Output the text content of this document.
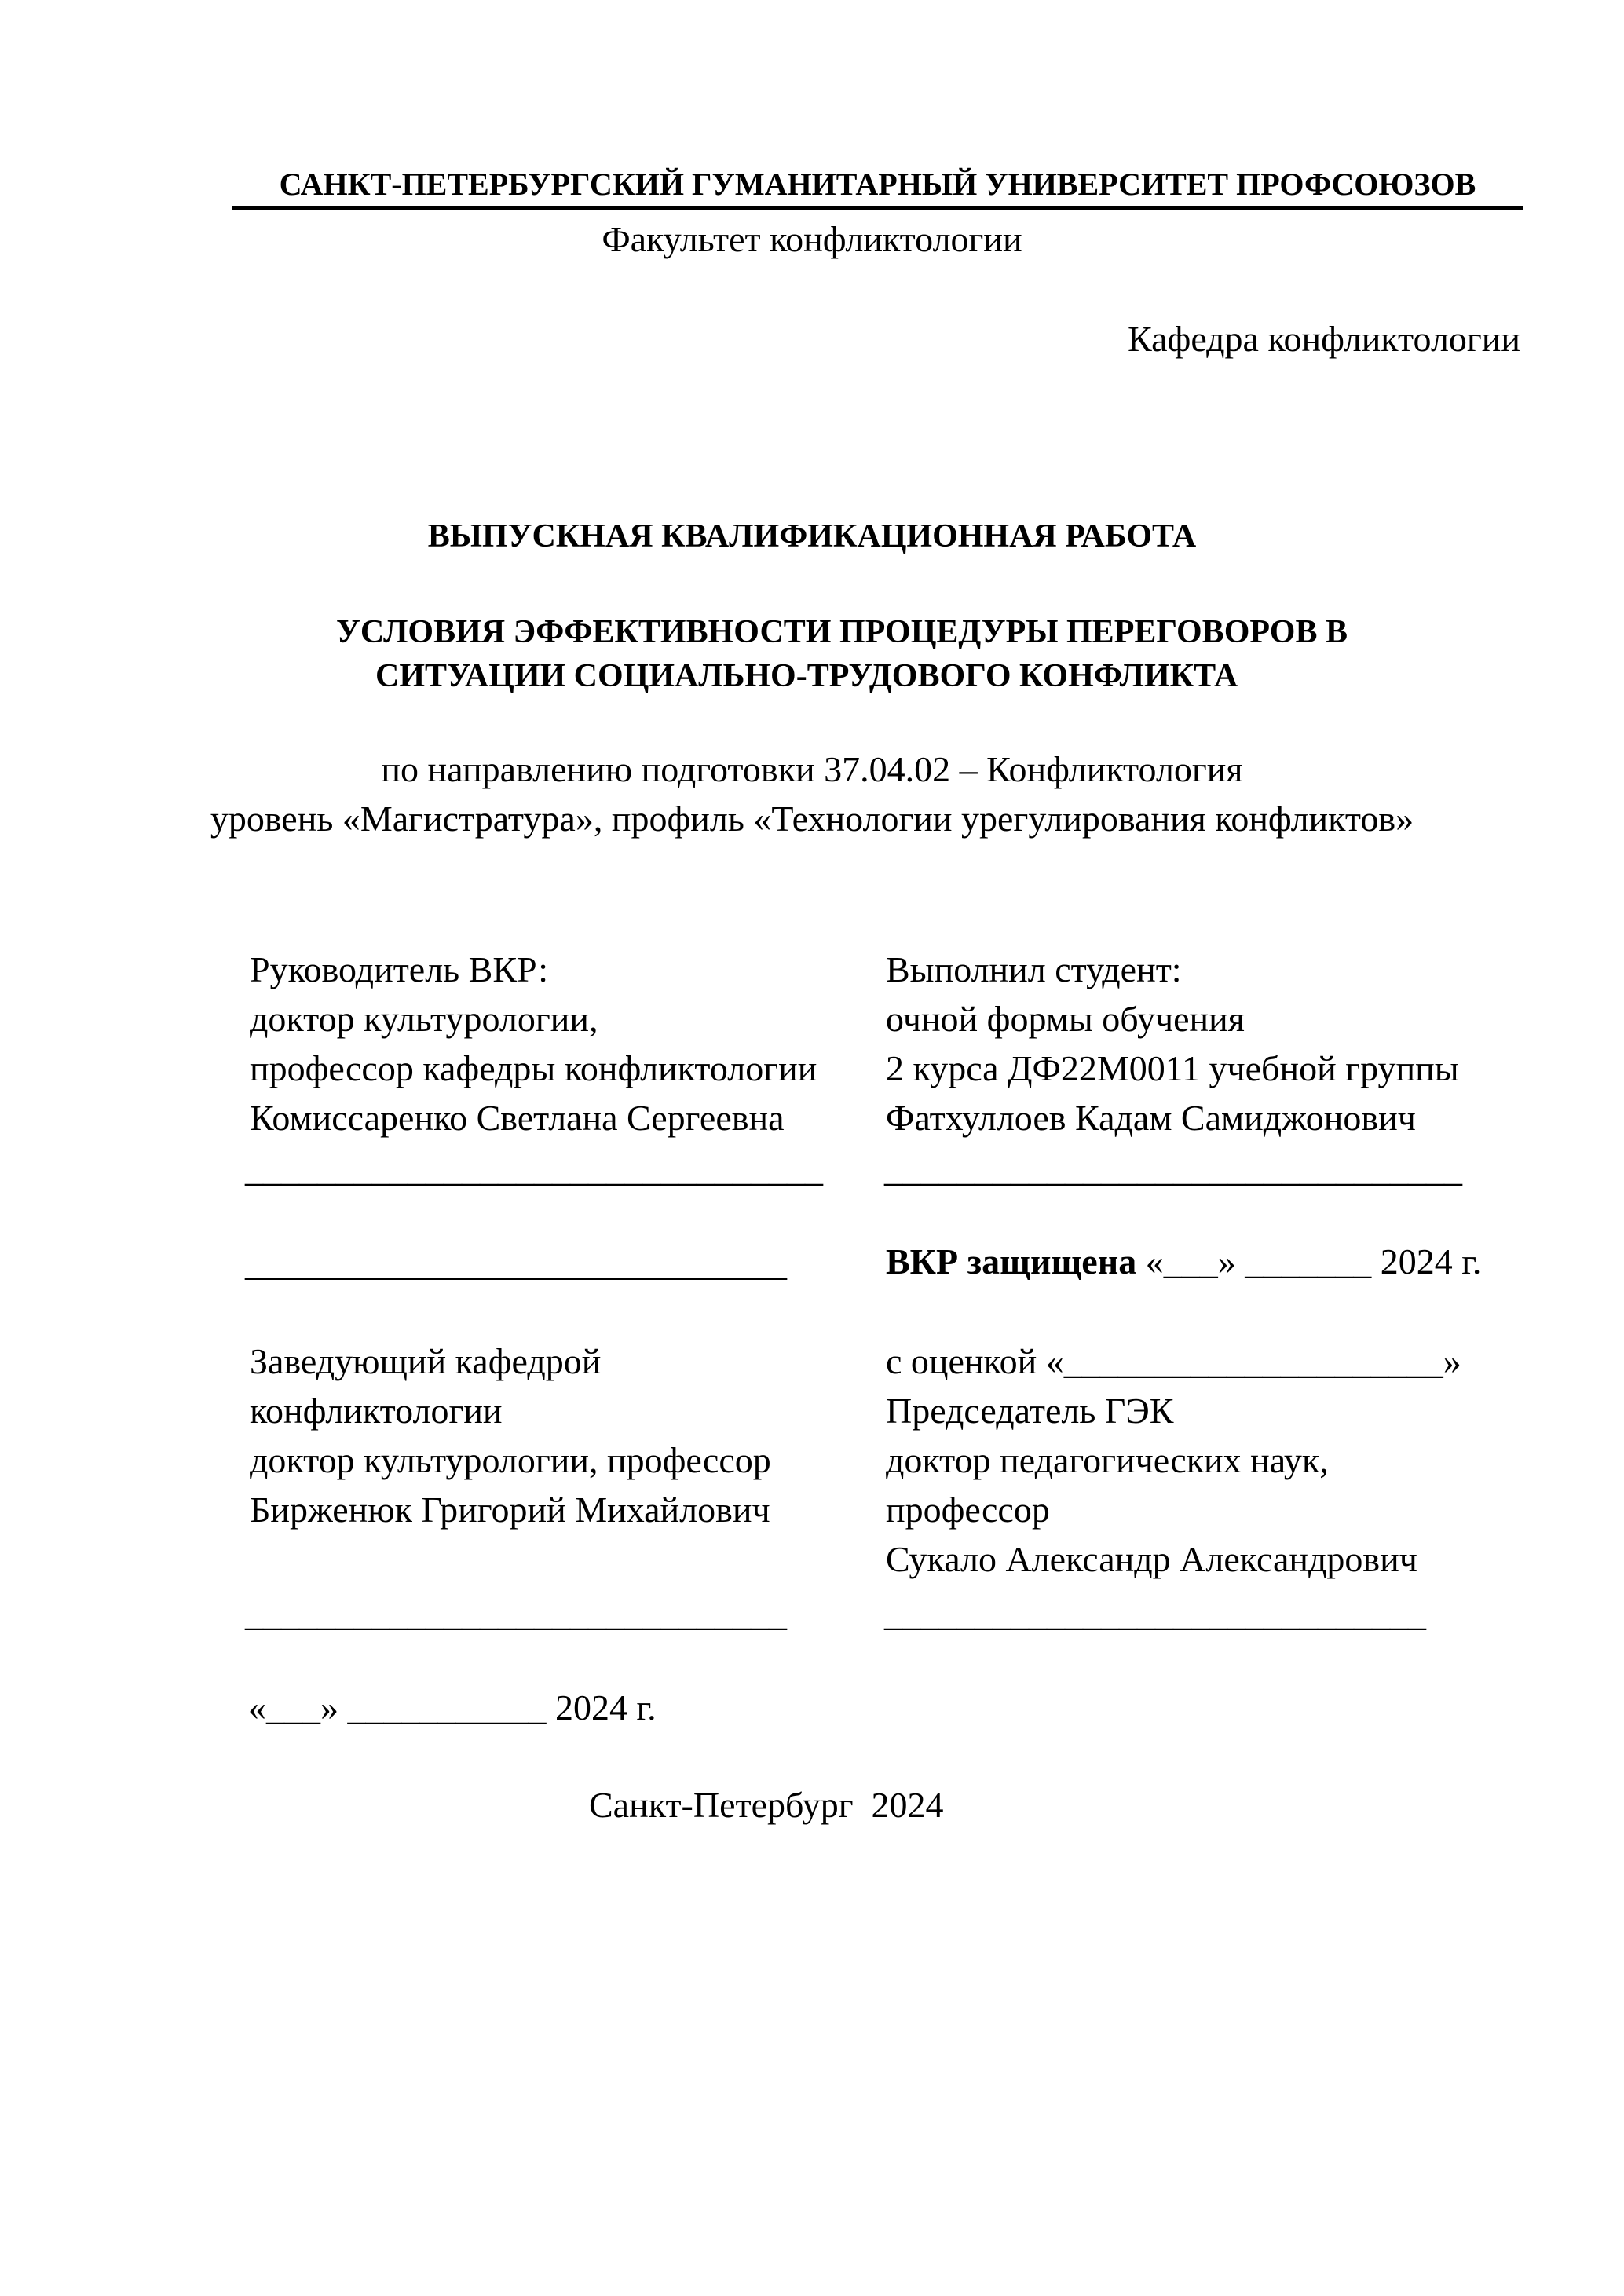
САНКТ-ПЕТЕРБУРГСКИЙ ГУМАНИТАРНЫЙ УНИВЕРСИТЕТ ПРОФСОЮЗОВ
Факультет конфликтологии
Кафедра конфликтологии
ВЫПУСКНАЯ КВАЛИФИКАЦИОННАЯ РАБОТА
УСЛОВИЯ ЭФФЕКТИВНОСТИ ПРОЦЕДУРЫ ПЕРЕГОВОРОВ В
СИТУАЦИИ СОЦИАЛЬНО-ТРУДОВОГО КОНФЛИКТА
по направлению подготовки 37.04.02 – Конфликтология
уровень «Магистратура», профиль «Технологии урегулирования конфликтов»
Руководитель ВКР:
доктор культурологии,
профессор кафедры конфликтологии
Комиссаренко Светлана Сергеевна
________________________________
Выполнил студент:
очной формы обучения
2 курса ДФ22М0011 учебной группы
Фатхуллоев Кадам Самиджонович
________________________________
______________________________	ВКР защищена «___» _______ 2024 г.
Заведующий кафедрой
конфликтологии
доктор культурологии, профессор
Бирженюк Григорий Михайлович
______________________________
с оценкой «_____________________»
Председатель ГЭК
доктор педагогических наук,
профессор
Сукало Александр Александрович
______________________________
«___» ___________ 2024 г.
Санкт-Петербург  2024
